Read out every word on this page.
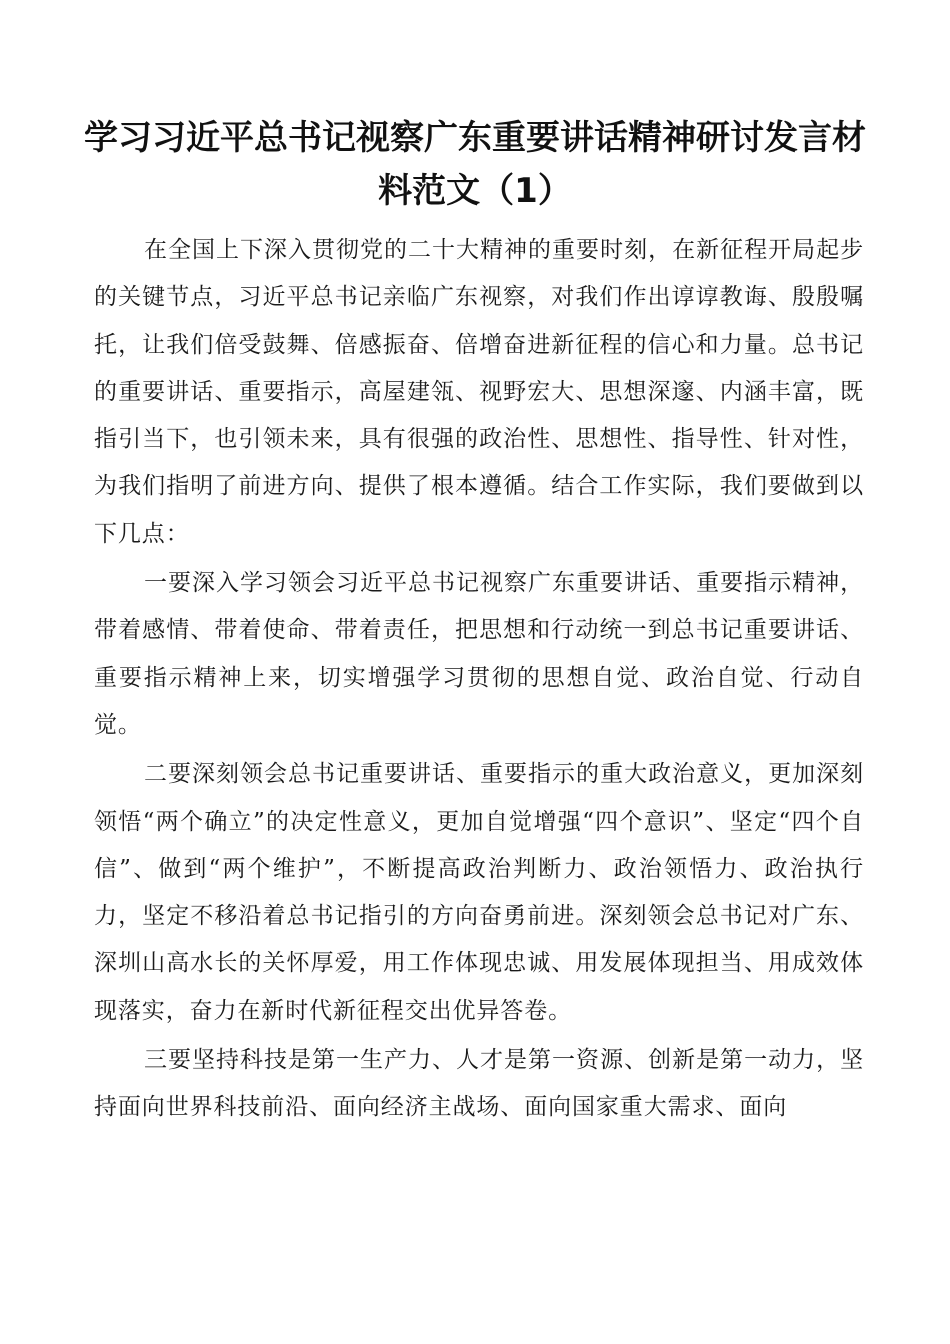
学习习近平总书记视察广东重要讲话精神研讨发言材料范文（1）

在全国上下深入贯彻党的二十大精神的重要时刻，在新征程开局起步的关键节点，习近平总书记亲临广东视察，对我们作出谆谆教诲、殷殷嘱托，让我们倍受鼓舞、倍感振奋、倍增奋进新征程的信心和力量。总书记的重要讲话、重要指示，高屋建瓴、视野宏大、思想深邃、内涵丰富，既指引当下，也引领未来，具有很强的政治性、思想性、指导性、针对性，为我们指明了前进方向、提供了根本遵循。结合工作实际，我们要做到以下几点：

一要深入学习领会习近平总书记视察广东重要讲话、重要指示精神，带着感情、带着使命、带着责任，把思想和行动统一到总书记重要讲话、重要指示精神上来，切实增强学习贯彻的思想自觉、政治自觉、行动自觉。

二要深刻领会总书记重要讲话、重要指示的重大政治意义，更加深刻领悟“两个确立”的决定性意义，更加自觉增强“四个意识”、坚定“四个自信”、做到“两个维护”，不断提高政治判断力、政治领悟力、政治执行力，坚定不移沿着总书记指引的方向奋勇前进。深刻领会总书记对广东、深圳山高水长的关怀厚爱，用工作体现忠诚、用发展体现担当、用成效体现落实，奋力在新时代新征程交出优异答卷。

三要坚持科技是第一生产力、人才是第一资源、创新是第一动力，坚持面向世界科技前沿、面向经济主战场、面向国家重大需求、面向
